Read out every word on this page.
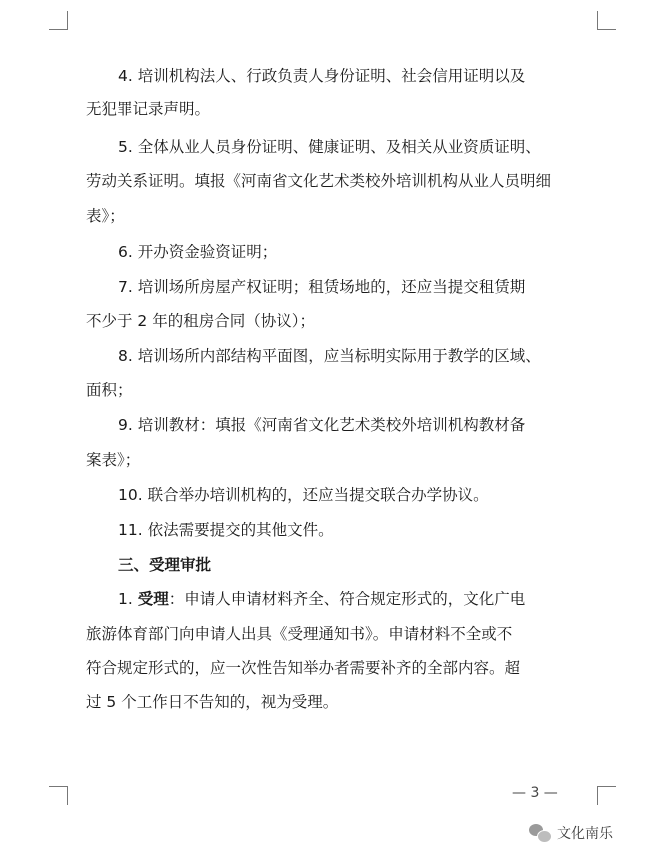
4. 培训机构法人、行政负责人身份证明、社会信用证明以及
无犯罪记录声明。
5. 全体从业人员身份证明、健康证明、及相关从业资质证明、
劳动关系证明。填报《河南省文化艺术类校外培训机构从业人员明细
表》；
6. 开办资金验资证明；
7. 培训场所房屋产权证明；租赁场地的，还应当提交租赁期
不少于 2 年的租房合同（协议）；
8. 培训场所内部结构平面图，应当标明实际用于教学的区域、
面积；
9. 培训教材：填报《河南省文化艺术类校外培训机构教材备
案表》；
10. 联合举办培训机构的，还应当提交联合办学协议。
11. 依法需要提交的其他文件。
三、受理审批
1. 受理：申请人申请材料齐全、符合规定形式的，文化广电
旅游体育部门向申请人出具《受理通知书》。申请材料不全或不
符合规定形式的，应一次性告知举办者需要补齐的全部内容。超
过 5 个工作日不告知的，视为受理。
— 3 —
文化南乐
